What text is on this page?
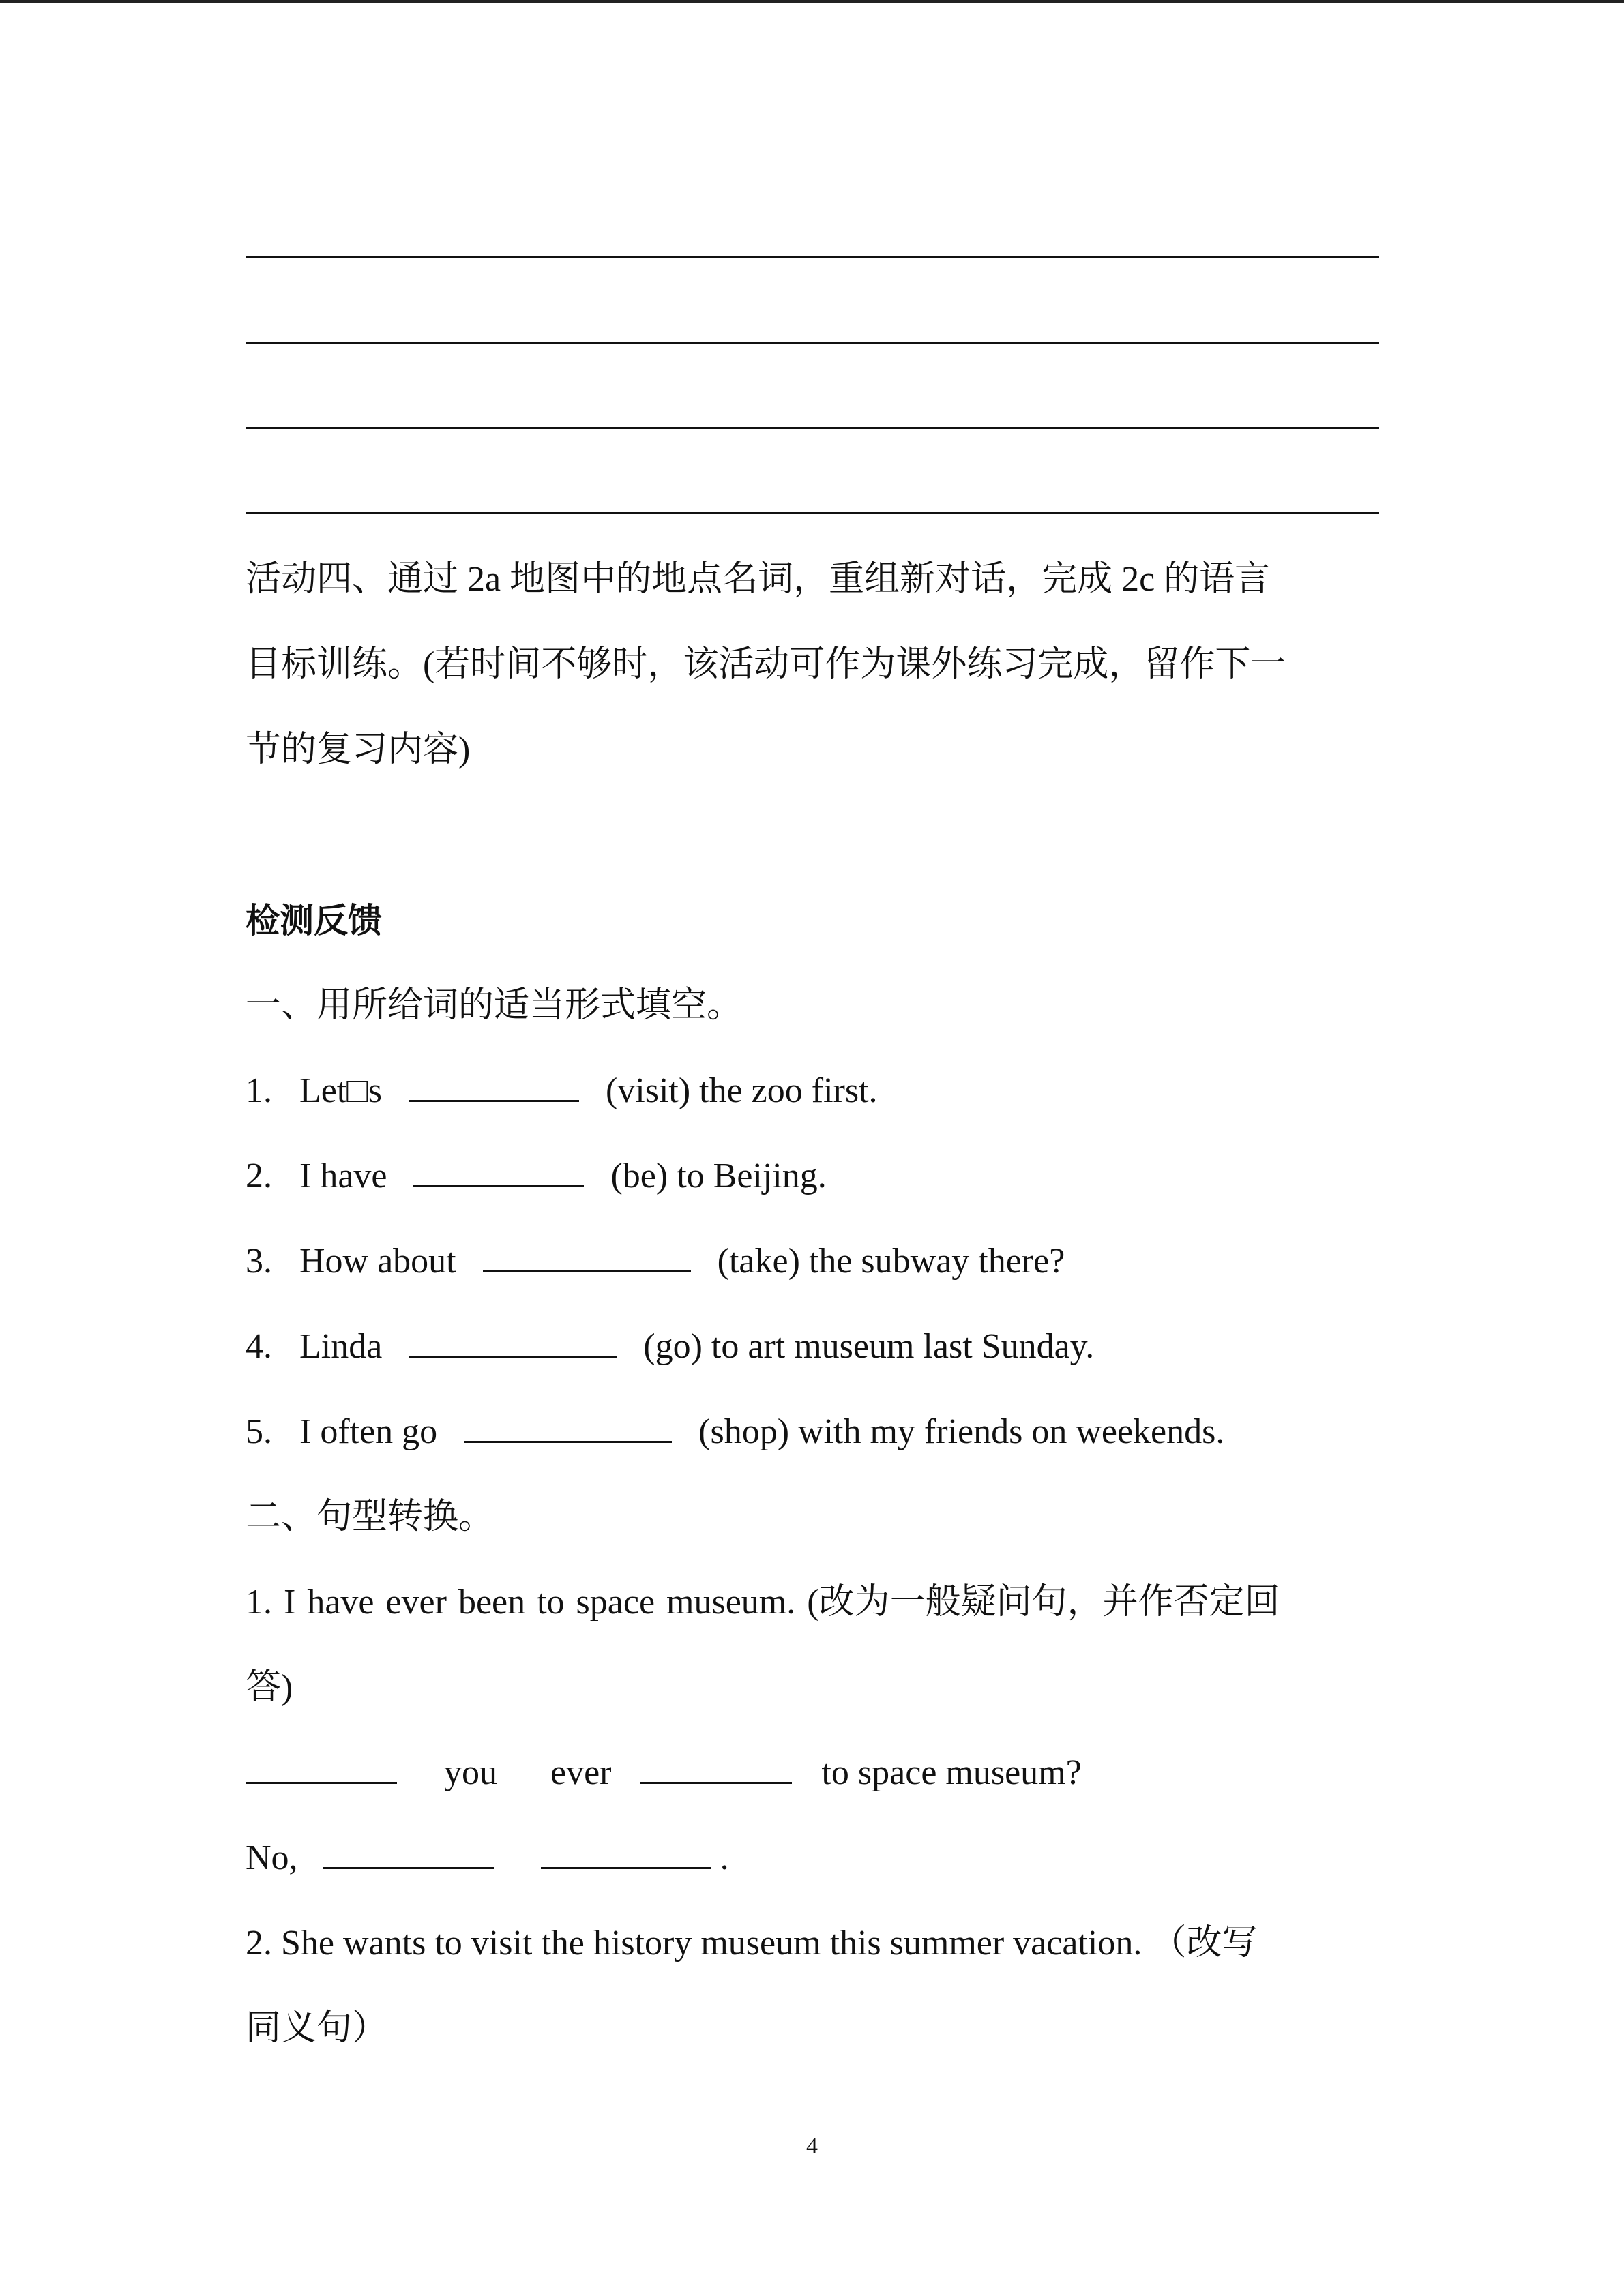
活动四、通过 2a 地图中的地点名词，重组新对话，完成 2c 的语言
目标训练。(若时间不够时，该活动可作为课外练习完成，留作下一
节的复习内容)
检测反馈
一、用所给词的适当形式填空。
1. Let□s	(visit) the zoo first.
2. I have	(be) to Beijing.
3. How about	(take) the subway there?
4. Linda	(go) to art museum last Sunday.
5. I often go	(shop) with my friends on weekends.
二、句型转换。
1. I have ever been to space museum. (改为一般疑问句，并作否定回
答)
you ever	to space museum?
No,	.
2. She wants to visit the history museum this summer vacation. （改写
同义句）
4
